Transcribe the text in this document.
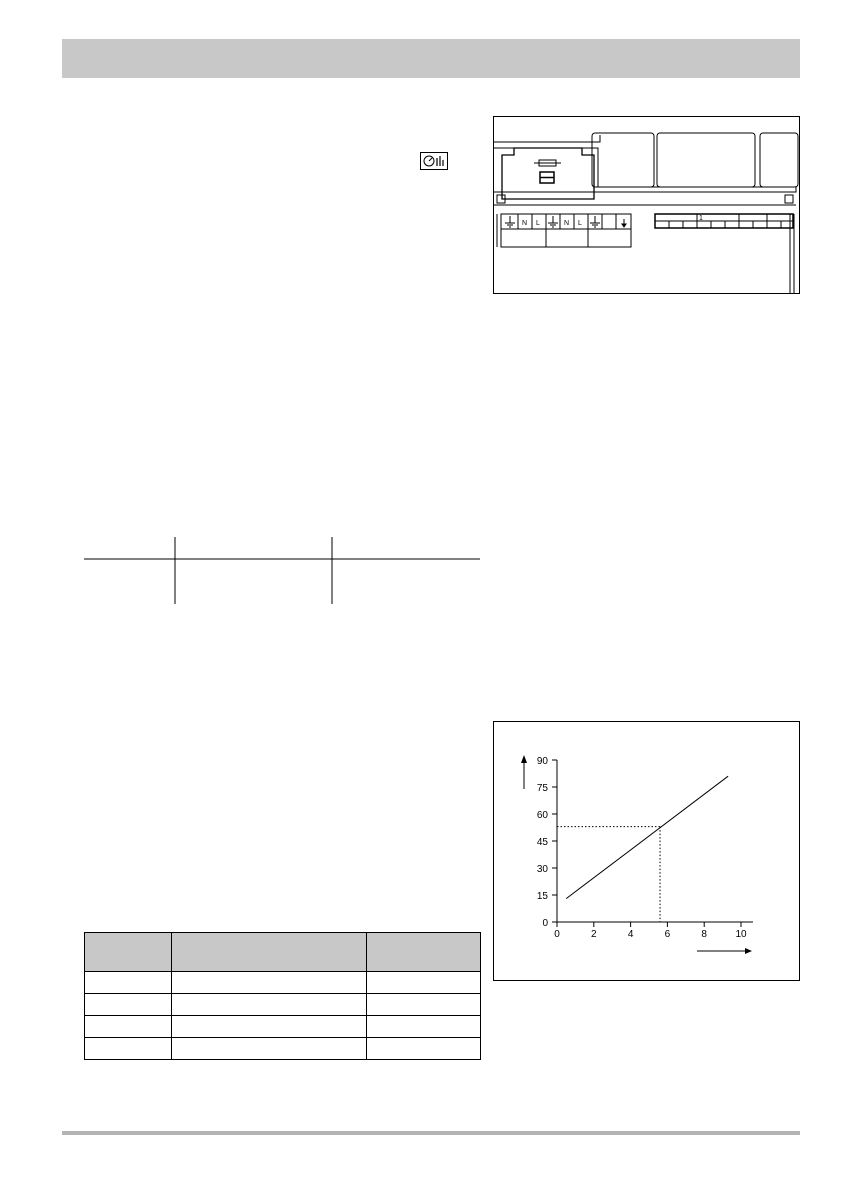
N L	N L
1
0
15
30
45
60
75
90
0	2	4	6	8	10
